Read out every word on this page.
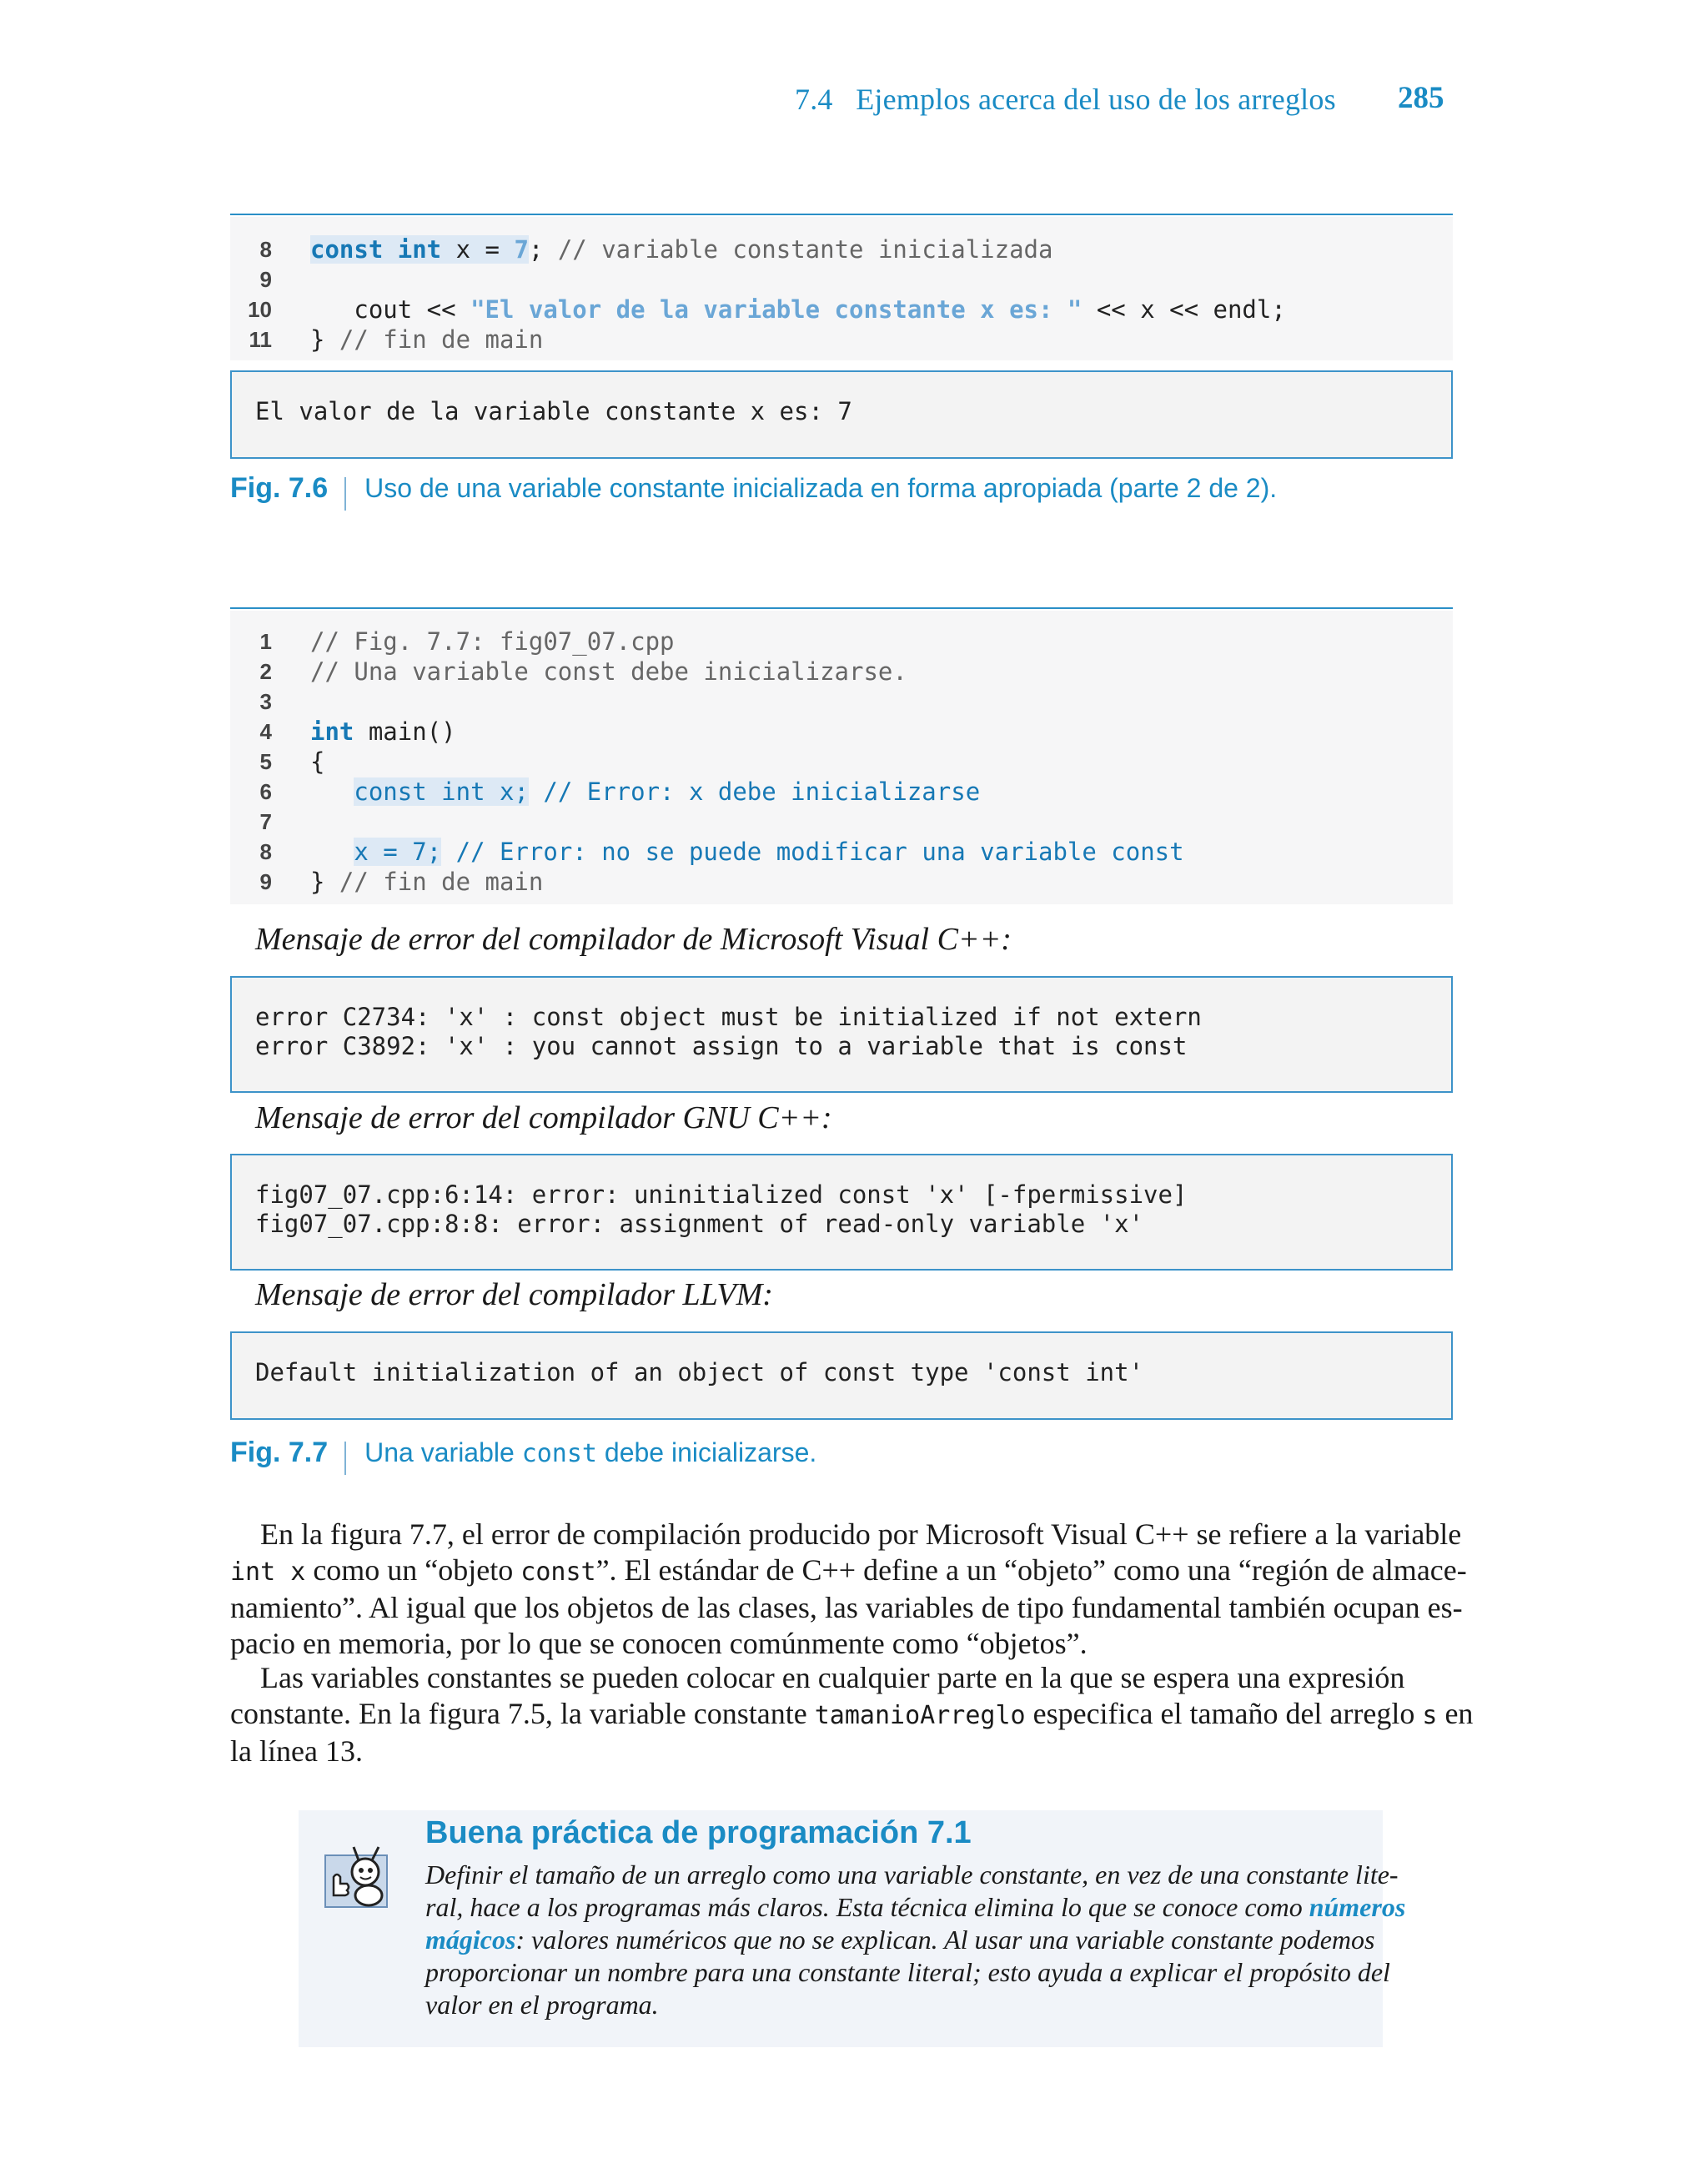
7.4   Ejemplos acerca del uso de los arreglos 285
8 const int x = 7; // variable constante inicializada
9
10 cout << "El valor de la variable constante x es: " << x << endl;
11 } // fin de main
El valor de la variable constante x es: 7
Fig. 7.6 Uso de una variable constante inicializada en forma apropiada (parte 2 de 2).
1 // Fig. 7.7: fig07_07.cpp
2 // Una variable const debe inicializarse.
3
4 int main()
5 {
6	const int x; // Error: x debe inicializarse
7
8	x = 7; // Error: no se puede modificar una variable const
9 } // fin de main
Mensaje de error del compilador de Microsoft Visual C++:
error C2734: 'x' : const object must be initialized if not extern
error C3892: 'x' : you cannot assign to a variable that is const
Mensaje de error del compilador GNU C++:
fig07_07.cpp:6:14: error: uninitialized const 'x' [-fpermissive]
fig07_07.cpp:8:8: error: assignment of read-only variable 'x'
Mensaje de error del compilador LLVM:
Default initialization of an object of const type 'const int'
Fig. 7.7 Una variable const debe inicializarse.
En la figura 7.7, el error de compilación producido por Microsoft Visual C++ se refiere a la variable
int x como un “objeto const”. El estándar de C++ define a un “objeto” como una “región de almace-
namiento”. Al igual que los objetos de las clases, las variables de tipo fundamental también ocupan es-
pacio en memoria, por lo que se conocen comúnmente como “objetos”.
Las variables constantes se pueden colocar en cualquier parte en la que se espera una expresión
constante. En la figura 7.5, la variable constante tamanioArreglo especifica el tamaño del arreglo s en
la línea 13.
Buena práctica de programación 7.1
Definir el tamaño de un arreglo como una variable constante, en vez de una constante lite-
ral, hace a los programas más claros. Esta técnica elimina lo que se conoce como números
mágicos: valores numéricos que no se explican. Al usar una variable constante podemos
proporcionar un nombre para una constante literal; esto ayuda a explicar el propósito del
valor en el programa.
